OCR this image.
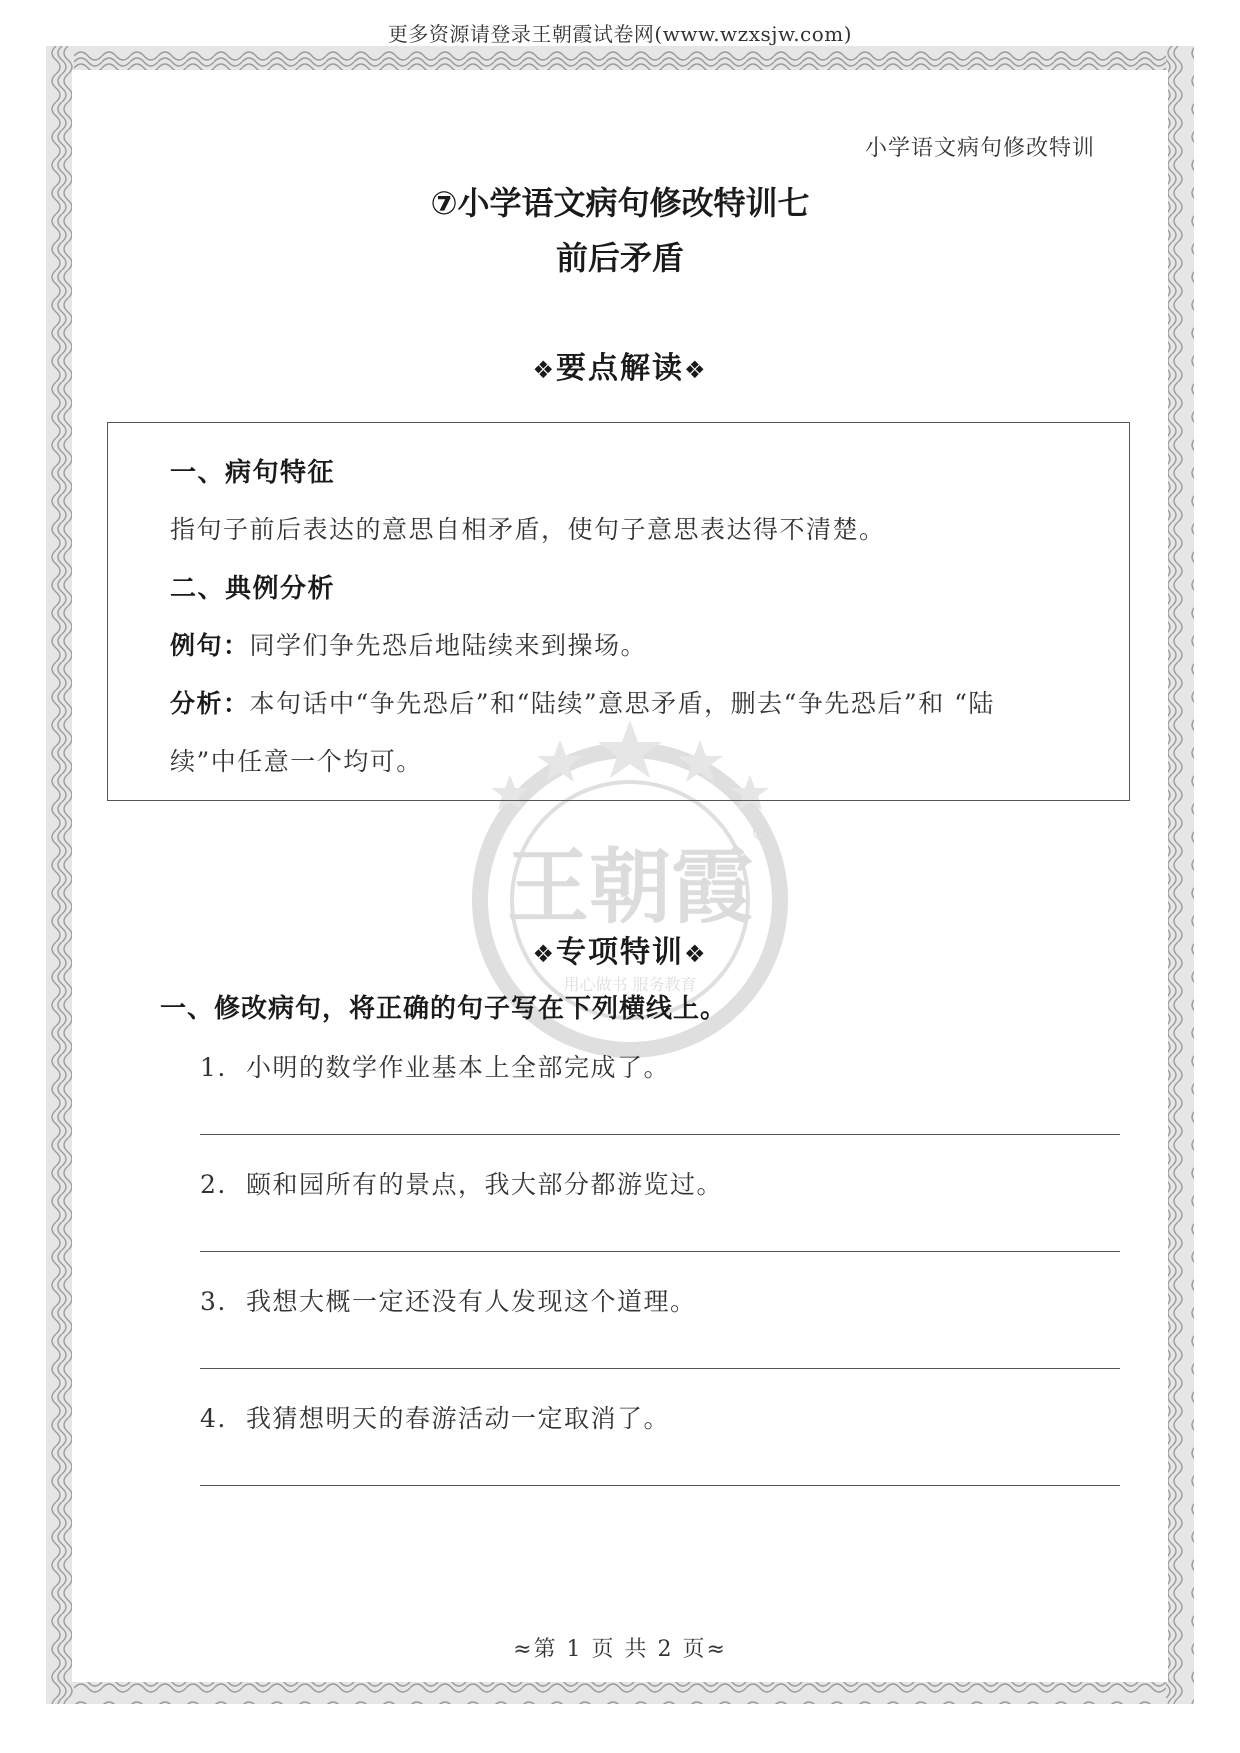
更多资源请登录王朝霞试卷网(www.wzxsjw.com)
小学语文病句修改特训
⑦小学语文病句修改特训七
前后矛盾
❖要点解读❖
一、病句特征
指句子前后表达的意思自相矛盾，使句子意思表达得不清楚。
二、典例分析
例句：同学们争先恐后地陆续来到操场。
分析：本句话中“争先恐后”和“陆续”意思矛盾，删去“争先恐后”和 “陆
续”中任意一个均可。
❖专项特训❖
一、修改病句，将正确的句子写在下列横线上。
1. 小明的数学作业基本上全部完成了。
2. 颐和园所有的景点，我大部分都游览过。
3. 我想大概一定还没有人发现这个道理。
4. 我猜想明天的春游活动一定取消了。
≈第 1 页 共 2 页≈
